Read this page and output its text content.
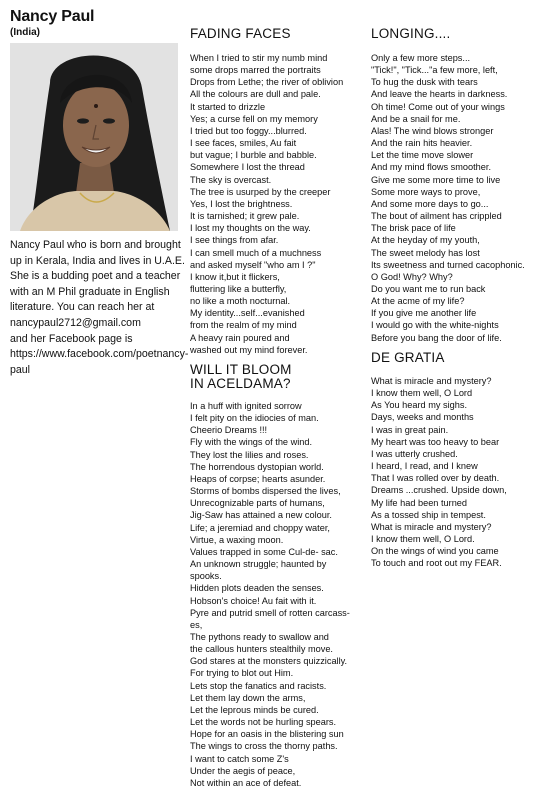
Nancy Paul
(India)
Nancy Paul who is born and brought
up in Kerala, India and lives in U.A.E.
She is a budding poet and a teacher
with an M Phil graduate in English
literature. You can reach her at
nancypaul2712@gmail.com
and her Facebook page is
https://www.facebook.com/poetnancy-
paul
FADING FACES
When I tried to stir my numb mind
some drops marred the portraits
Drops from Lethe; the river of oblivion
All the colours are dull and pale.
It started to drizzle
Yes; a curse fell on my memory
I tried but too foggy...blurred.
I see faces, smiles, Au fait
but vague; I burble and babble.
Somewhere I lost the thread
The sky is overcast.
The tree is usurped by the creeper
Yes, I lost the brightness.
It is tarnished; it grew pale.
I lost my thoughts on the way.
I see things from afar.
I can smell much of a muchness
and asked myself "who am I ?"
I know it,but it flickers,
fluttering like a butterfly,
no like a moth nocturnal.
My identity...self...evanished
from the realm of my mind
A heavy rain poured and
washed out my mind forever.
WILL IT BLOOM
IN ACELDAMA?
In a huff with ignited sorrow
I felt pity on the idiocies of man.
Cheerio Dreams !!!
Fly with the wings of the wind.
They lost the lilies and roses.
The horrendous dystopian world.
Heaps of corpse; hearts asunder.
Storms of bombs dispersed the lives,
Unrecognizable parts of humans,
Jig-Saw has attained a new colour.
Life; a jeremiad and choppy water,
Virtue, a waxing moon.
Values trapped in some Cul-de- sac.
An unknown struggle; haunted by
spooks.
Hidden plots deaden the senses.
Hobson's choice! Au fait with it.
Pyre and putrid smell of rotten carcass-
es,
The pythons ready to swallow and
the callous hunters stealthily move.
God stares at the monsters quizzically.
For trying to blot out Him.
Lets stop the fanatics and racists.
Let them lay down the arms,
Let the leprous minds be cured.
Let the words not be hurling spears.
Hope for an oasis in the blistering sun
The wings to cross the thorny paths.
I want to catch some Z's
Under the aegis of peace,
Not within an ace of defeat.
LONGING....
Only a few more steps...
"Tick!", "Tick..."a few more, left,
To hug the dusk with tears
And leave the hearts in darkness.
Oh time! Come out of your wings
And be a snail for me.
Alas! The wind blows stronger
And the rain hits heavier.
Let the time move slower
And my mind flows smoother.
Give me some more time to live
Some more ways to prove,
And some more days to go...
The bout of ailment has crippled
The brisk pace of life
At the heyday of my youth,
The sweet melody has lost
Its sweetness and turned cacophonic.
O God! Why? Why?
Do you want me to run back
At the acme of my life?
If you give me another life
I would go with the white-nights
Before you bang the door of life.
DE GRATIA
What is miracle and mystery?
I know them well, O Lord
As You heard my sighs.
Days, weeks and months
I was in great pain.
My heart was too heavy to bear
I was utterly crushed.
I heard, I read, and I knew
That I was rolled over by death.
Dreams ...crushed. Upside down,
My life had been turned
As a tossed ship in tempest.
What is miracle and mystery?
I know them well, O Lord.
On the wings of wind you came
To touch and root out my FEAR.
